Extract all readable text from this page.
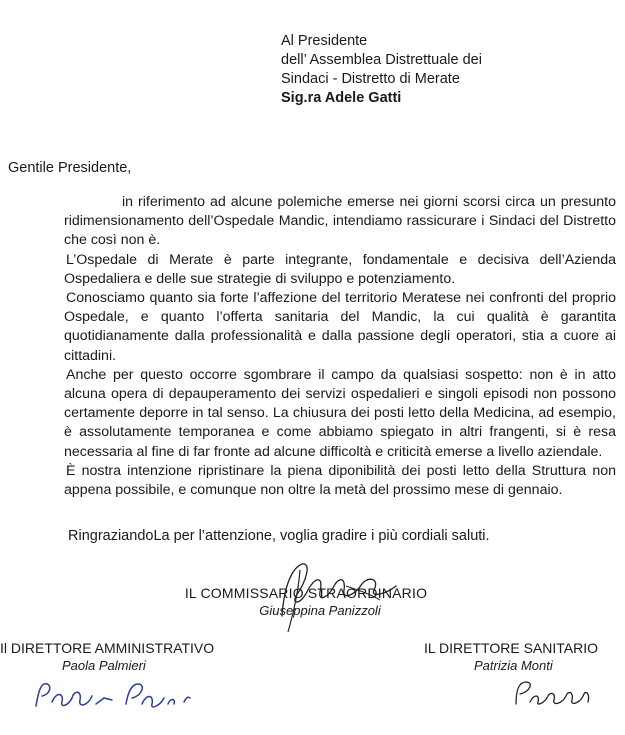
Al Presidente
dell’ Assemblea Distrettuale dei
Sindaci - Distretto di Merate
Sig.ra Adele Gatti
Gentile Presidente,

in riferimento ad alcune polemiche emerse nei giorni scorsi circa un presunto ridimensionamento dell’Ospedale Mandic, intendiamo rassicurare i Sindaci del Distretto che così non è.

L’Ospedale di Merate è parte integrante, fondamentale e decisiva dell’Azienda Ospedaliera e delle sue strategie di sviluppo e potenziamento.

Conosciamo quanto sia forte l’affezione del territorio Meratese nei confronti del proprio Ospedale, e quanto l’offerta sanitaria del Mandic, la cui qualità è garantita quotidianamente dalla professionalità e dalla passione degli operatori, stia a cuore ai cittadini.

Anche per questo occorre sgombrare il campo da qualsiasi sospetto: non è in atto alcuna opera di depauperamento dei servizi ospedalieri e singoli episodi non possono certamente deporre in tal senso. La chiusura dei posti letto della Medicina, ad esempio, è assolutamente temporanea e come abbiamo spiegato in altri frangenti, si è resa necessaria al fine di far fronte ad alcune difficoltà e criticità emerse a livello aziendale.

È nostra intenzione ripristinare la piena diponibilità dei posti letto della Struttura non appena possibile, e comunque non oltre la metà del prossimo mese di gennaio.

RingraziandoLa per l’attenzione, voglia gradire i più cordiali saluti.
IL COMMISSARIO STRAORDINARIO
Giuseppina Panizzoli
Il DIRETTORE AMMINISTRATIVO
Paola Palmieri
IL DIRETTORE SANITARIO
Patrizia Monti
